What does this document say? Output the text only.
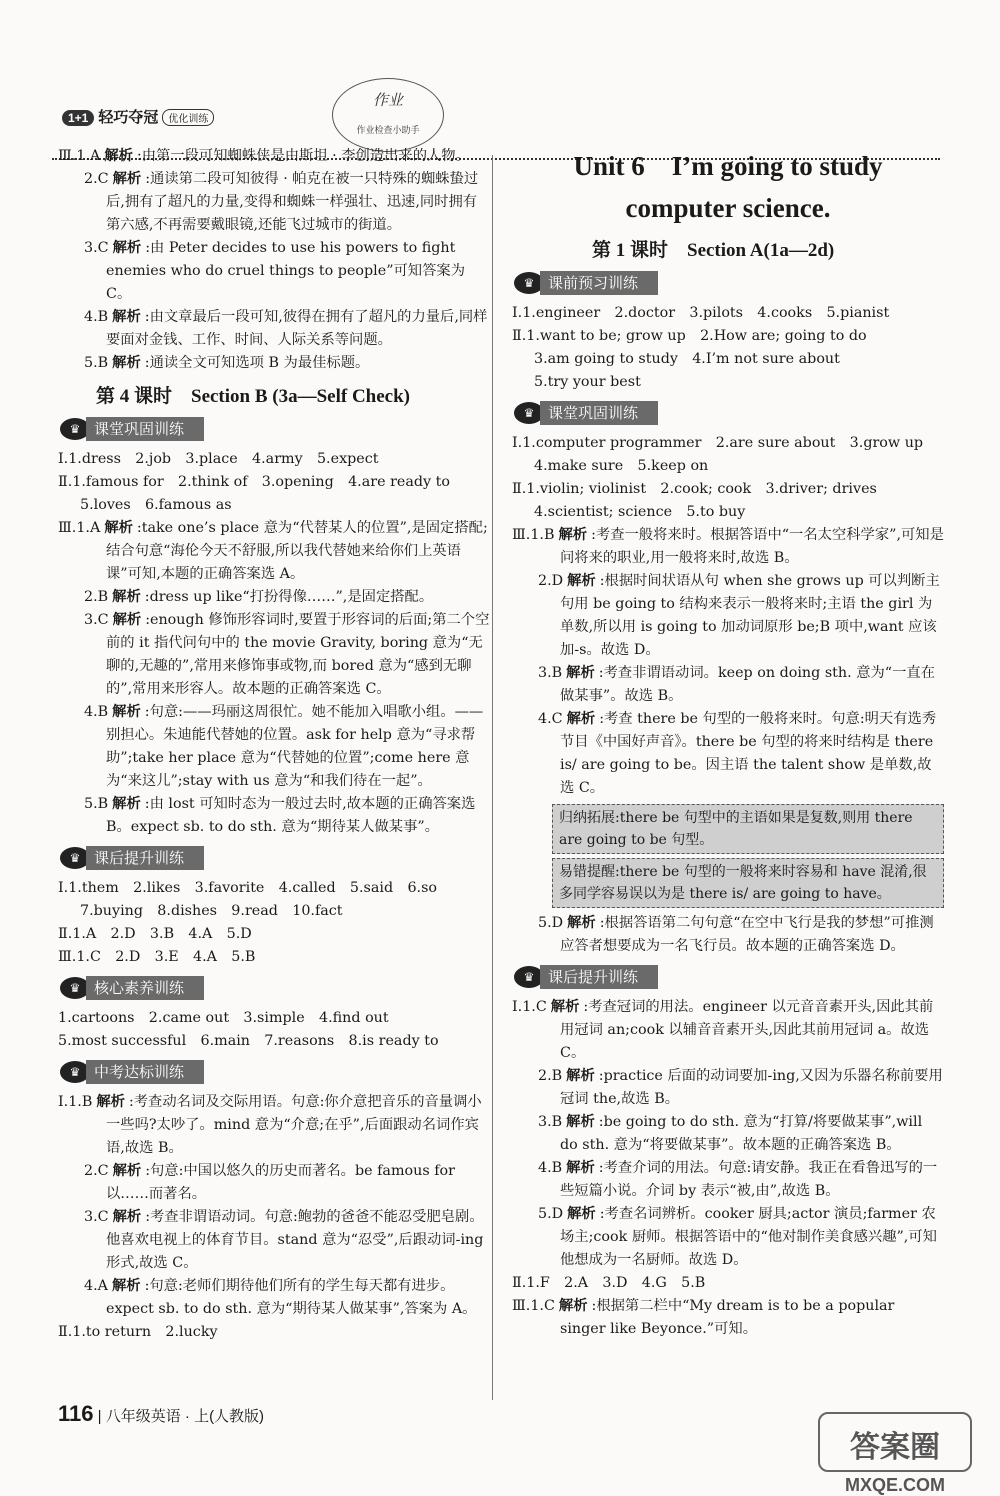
1+1 轻巧夺冠 优化训练
作业
作业检查小助手

Ⅲ.1.A 解析 :由第一段可知蜘蛛侠是由斯坦 · 李创造出来的人物。

2.C 解析 :通读第二段可知彼得 · 帕克在被一只特殊的蜘蛛蛰过后,拥有了超凡的力量,变得和蜘蛛一样强壮、迅速,同时拥有第六感,不再需要戴眼镜,还能飞过城市的街道。

3.C 解析 :由 Peter decides to use his powers to fight enemies who do cruel things to people”可知答案为 C。

4.B 解析 :由文章最后一段可知,彼得在拥有了超凡的力量后,同样要面对金钱、工作、时间、人际关系等问题。

5.B 解析 :通读全文可知选项 B 为最佳标题。

第 4 课时　Section B (3a—Self Check)
♛ 课堂巩固训练

Ⅰ.1.dress　2.job　3.place　4.army　5.expect

Ⅱ.1.famous for　2.think of　3.opening　4.are ready to

5.loves　6.famous as

Ⅲ.1.A 解析 :take one’s place 意为“代替某人的位置”,是固定搭配;结合句意“海伦今天不舒服,所以我代替她来给你们上英语课”可知,本题的正确答案选 A。

2.B 解析 :dress up like“打扮得像……”,是固定搭配。

3.C 解析 :enough 修饰形容词时,要置于形容词的后面;第二个空前的 it 指代问句中的 the movie Gravity, boring 意为“无聊的,无趣的”,常用来修饰事或物,而 bored 意为“感到无聊的”,常用来形容人。故本题的正确答案选 C。

4.B 解析 :句意:——玛丽这周很忙。她不能加入唱歌小组。——别担心。朱迪能代替她的位置。ask for help 意为“寻求帮助”;take her place 意为“代替她的位置”;come here 意为“来这儿”;stay with us 意为“和我们待在一起”。

5.B 解析 :由 lost 可知时态为一般过去时,故本题的正确答案选 B。expect sb. to do sth. 意为“期待某人做某事”。

♛ 课后提升训练

Ⅰ.1.them　2.likes　3.favorite　4.called　5.said　6.so

7.buying　8.dishes　9.read　10.fact

Ⅱ.1.A　2.D　3.B　4.A　5.D

Ⅲ.1.C　2.D　3.E　4.A　5.B

♛ 核心素养训练

1.cartoons　2.came out　3.simple　4.find out

5.most successful　6.main　7.reasons　8.is ready to

♛ 中考达标训练

Ⅰ.1.B 解析 :考查动名词及交际用语。句意:你介意把音乐的音量调小一些吗?太吵了。mind 意为“介意;在乎”,后面跟动名词作宾语,故选 B。

2.C 解析 :句意:中国以悠久的历史而著名。be famous for 以……而著名。

3.C 解析 :考查非谓语动词。句意:鲍勃的爸爸不能忍受肥皂剧。他喜欢电视上的体育节目。stand 意为“忍受”,后跟动词-ing 形式,故选 C。

4.A 解析 :句意:老师们期待他们所有的学生每天都有进步。expect sb. to do sth. 意为“期待某人做某事”,答案为 A。

Ⅱ.1.to return　2.lucky

Unit 6　I’m going to study
computer science.
第 1 课时　Section A(1a—2d)
♛ 课前预习训练

Ⅰ.1.engineer　2.doctor　3.pilots　4.cooks　5.pianist

Ⅱ.1.want to be; grow up　2.How are; going to do

3.am going to study　4.I’m not sure about

5.try your best

♛ 课堂巩固训练

Ⅰ.1.computer programmer　2.are sure about　3.grow up

4.make sure　5.keep on

Ⅱ.1.violin; violinist　2.cook; cook　3.driver; drives

4.scientist; science　5.to buy

Ⅲ.1.B 解析 :考查一般将来时。根据答语中“一名太空科学家”,可知是问将来的职业,用一般将来时,故选 B。

2.D 解析 :根据时间状语从句 when she grows up 可以判断主句用 be going to 结构来表示一般将来时;主语 the girl 为单数,所以用 is going to 加动词原形 be;B 项中,want 应该加-s。故选 D。

3.B 解析 :考查非谓语动词。keep on doing sth. 意为“一直在做某事”。故选 B。

4.C 解析 :考查 there be 句型的一般将来时。句意:明天有选秀节目《中国好声音》。there be 句型的将来时结构是 there is/ are going to be。因主语 the talent show 是单数,故选 C。

归纳拓展:there be 句型中的主语如果是复数,则用 there are going to be 句型。
易错提醒:there be 句型的一般将来时容易和 have 混淆,很多同学容易误以为是 there is/ are going to have。

5.D 解析 :根据答语第二句句意“在空中飞行是我的梦想”可推测应答者想要成为一名飞行员。故本题的正确答案选 D。

♛ 课后提升训练

Ⅰ.1.C 解析 :考查冠词的用法。engineer 以元音音素开头,因此其前用冠词 an;cook 以辅音音素开头,因此其前用冠词 a。故选 C。

2.B 解析 :practice 后面的动词要加-ing,又因为乐器名称前要用冠词 the,故选 B。

3.B 解析 :be going to do sth. 意为“打算/将要做某事”,will do sth. 意为“将要做某事”。故本题的正确答案选 B。

4.B 解析 :考查介词的用法。句意:请安静。我正在看鲁迅写的一些短篇小说。介词 by 表示“被,由”,故选 B。

5.D 解析 :考查名词辨析。cooker 厨具;actor 演员;farmer 农场主;cook 厨师。根据答语中的“他对制作美食感兴趣”,可知他想成为一名厨师。故选 D。

Ⅱ.1.F　2.A　3.D　4.G　5.B

Ⅲ.1.C 解析 :根据第二栏中“My dream is to be a popular singer like Beyonce.”可知。

116 | 八年级英语 · 上(人教版)
答案圈
MXQE.COM
